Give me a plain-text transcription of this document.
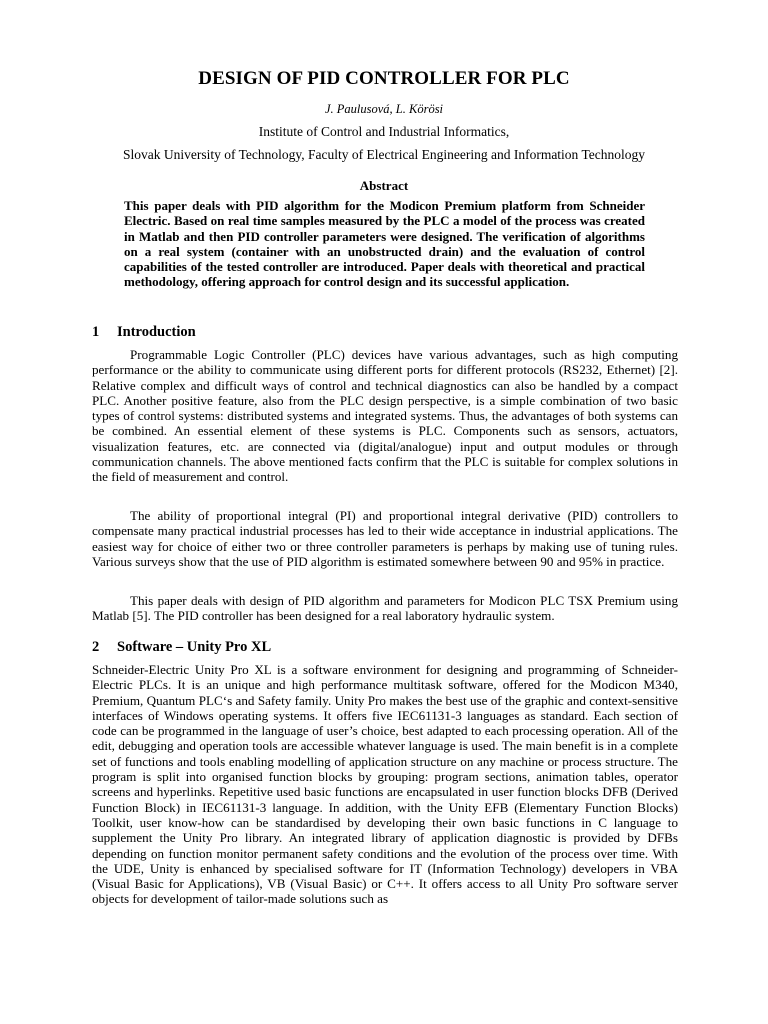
DESIGN OF PID CONTROLLER FOR PLC
J. Paulusová, L. Körösi
Institute of Control and Industrial Informatics,
Slovak University of Technology, Faculty of Electrical Engineering and Information Technology
Abstract

This paper deals with PID algorithm for the Modicon Premium platform from Schneider Electric. Based on real time samples measured by the PLC a model of the process was created in Matlab and then PID controller parameters were designed. The verification of algorithms on a real system (container with an unobstructed drain) and the evaluation of control capabilities of the tested controller are introduced. Paper deals with theoretical and practical methodology, offering approach for control design and its successful application.

1 Introduction

Programmable Logic Controller (PLC) devices have various advantages, such as high computing performance or the ability to communicate using different ports for different protocols (RS232, Ethernet) [2]. Relative complex and difficult ways of control and technical diagnostics can also be handled by a compact PLC. Another positive feature, also from the PLC design perspective, is a simple combination of two basic types of control systems: distributed systems and integrated systems. Thus, the advantages of both systems can be combined. An essential element of these systems is PLC. Components such as sensors, actuators, visualization features, etc. are connected via (digital/analogue) input and output modules or through communication channels. The above mentioned facts confirm that the PLC is suitable for complex solutions in the field of measurement and control.

The ability of proportional integral (PI) and proportional integral derivative (PID) controllers to compensate many practical industrial processes has led to their wide acceptance in industrial applications. The easiest way for choice of either two or three controller parameters is perhaps by making use of tuning rules. Various surveys show that the use of PID algorithm is estimated somewhere between 90 and 95% in practice.

This paper deals with design of PID algorithm and parameters for Modicon PLC TSX Premium using Matlab [5]. The PID controller has been designed for a real laboratory hydraulic system.

2 Software – Unity Pro XL

Schneider-Electric Unity Pro XL is a software environment for designing and programming of Schneider-Electric PLCs. It is an unique and high performance multitask software, offered for the Modicon M340, Premium, Quantum PLC‘s and Safety family. Unity Pro makes the best use of the graphic and context-sensitive interfaces of Windows operating systems. It offers five IEC61131-3 languages as standard. Each section of code can be programmed in the language of user’s choice, best adapted to each processing operation. All of the edit, debugging and operation tools are accessible whatever language is used. The main benefit is in a complete set of functions and tools enabling modelling of application structure on any machine or process structure. The program is split into organised function blocks by grouping: program sections, animation tables, operator screens and hyperlinks. Repetitive used basic functions are encapsulated in user function blocks DFB (Derived Function Block) in IEC61131-3 language. In addition, with the Unity EFB (Elementary Function Blocks) Toolkit, user know-how can be standardised by developing their own basic functions in C language to supplement the Unity Pro library. An integrated library of application diagnostic is provided by DFBs depending on function monitor permanent safety conditions and the evolution of the process over time. With the UDE, Unity is enhanced by specialised software for IT (Information Technology) developers in VBA (Visual Basic for Applications), VB (Visual Basic) or C++. It offers access to all Unity Pro software server objects for development of tailor-made solutions such as
